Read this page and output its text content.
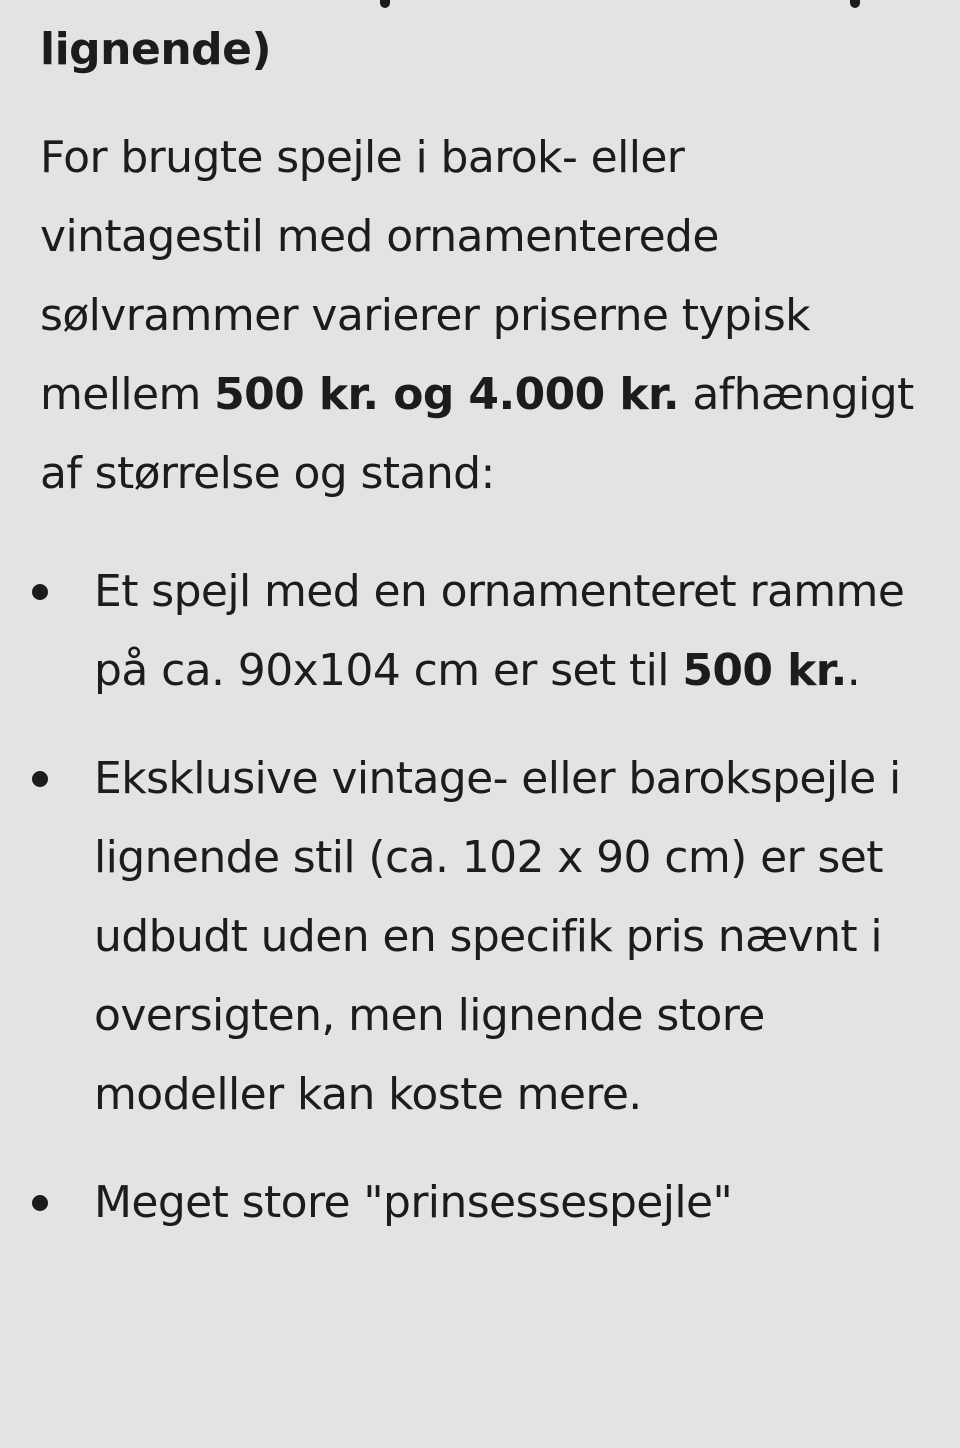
lignende)

For brugte spejle i barok- eller vintagestil med ornamenterede sølvrammer varierer priserne typisk mellem 500 kr. og 4.000 kr. afhængigt af størrelse og stand:

Et spejl med en ornamenteret ramme på ca. 90x104 cm er set til 500 kr..
Eksklusive vintage- eller barokspejle i lignende stil (ca. 102 x 90 cm) er set udbudt uden en specifik pris nævnt i oversigten, men lignende store modeller kan koste mere.
Meget store "prinsessespejle"
